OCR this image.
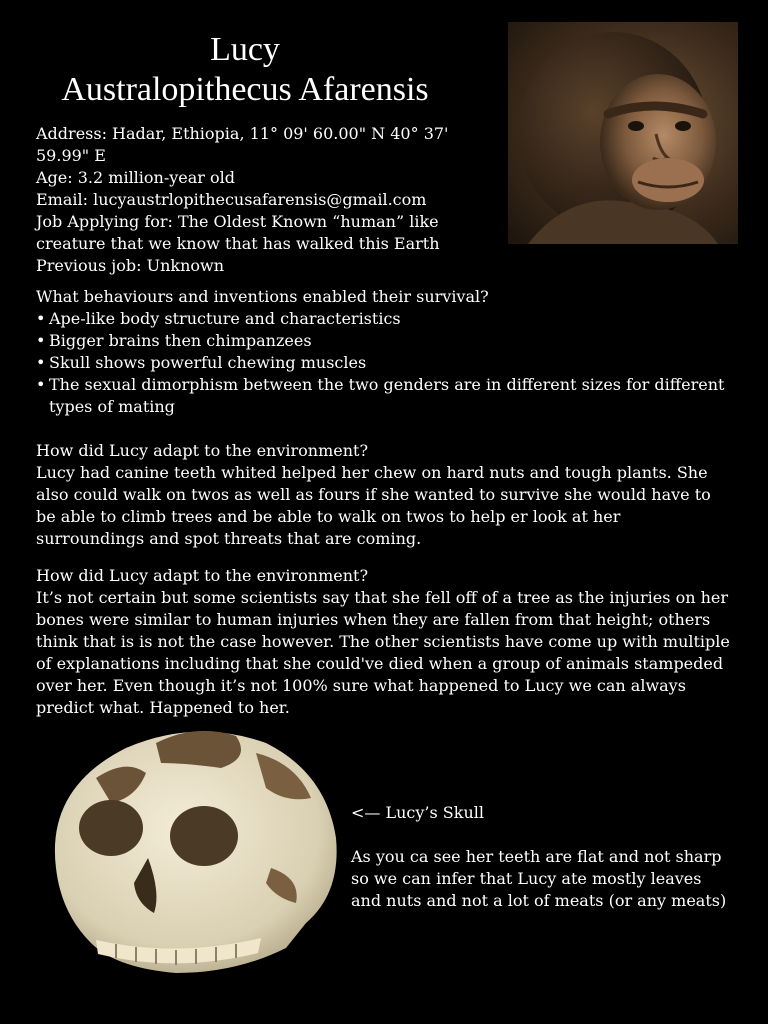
Lucy
Australopithecus Afarensis

Address: Hadar, Ethiopia, 11° 09' 60.00" N 40° 37' 59.99" E

Age: 3.2 million-year old

Email: lucyaustrlopithecusafarensis@gmail.com

Job Applying for: The Oldest Known “human” like creature that we know that has walked this Earth

Previous job: Unknown

What behaviours and inventions enabled their survival?

• Ape-like body structure and characteristics
• Bigger brains then chimpanzees
• Skull shows powerful chewing muscles
• The sexual dimorphism between the two genders are in different sizes for different types of mating

How did Lucy adapt to the environment?

Lucy had canine teeth whited helped her chew on hard nuts and tough plants. She also could walk on twos as well as fours if she wanted to survive she would have to be able to climb trees and be able to walk on twos to help er look at her surroundings and spot threats that are coming.

How did Lucy adapt to the environment?

It’s not certain but some scientists say that she fell off of a tree as the injuries on her bones were similar to human injuries when they are fallen from that height; others think that is is not the case however. The other scientists have come up with multiple of explanations including that she could've died when a group of animals stampeded over her. Even though it’s not 100% sure what happened to Lucy we can always predict what. Happened to her.

<— Lucy’s Skull

As you ca see her teeth are flat and not sharp so we can infer that Lucy ate mostly leaves and nuts and not a lot of meats (or any meats)
